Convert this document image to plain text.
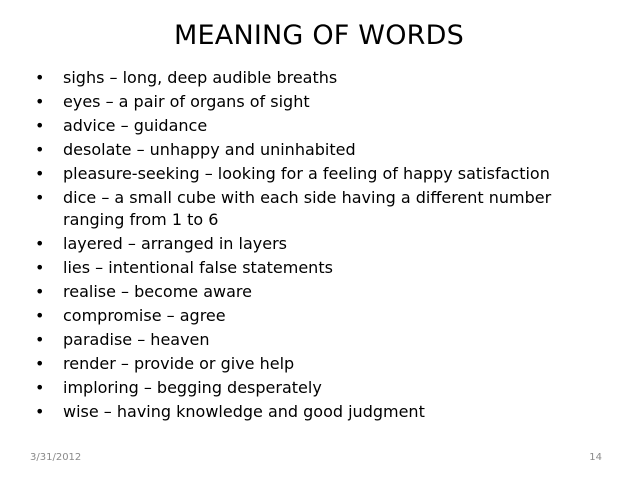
MEANING OF WORDS
•	sighs – long, deep audible breaths
•	eyes – a pair of organs of sight
•	advice – guidance
•	desolate – unhappy and uninhabited
•	pleasure-seeking – looking for a feeling of happy satisfaction
•	dice – a small cube with each side having a different number ranging from 1 to 6
•	layered – arranged in layers
•	lies – intentional false statements
•	realise – become aware
•	compromise – agree
•	paradise – heaven
•	render – provide or give help
•	imploring – begging desperately
•	wise – having knowledge and good judgment
3/31/2012	14
